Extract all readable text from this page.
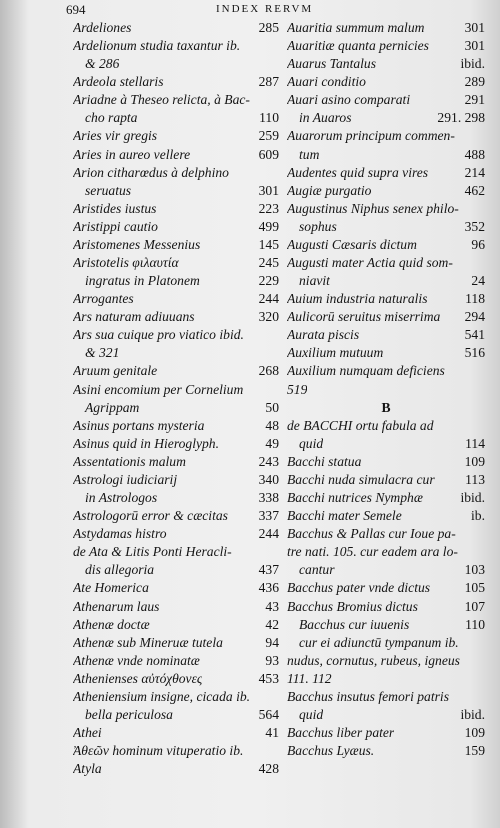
694	INDEX RERVM
Ardeliones	285
Ardelionum studia taxantur ib.
& 286
Ardeola stellaris	287
Ariadne à Theseo relicta, à Bac-
cho rapta	110
Aries vir gregis	259
Aries in aureo vellere	609
Arion citharœdus à delphino
seruatus	301
Aristides iustus	223
Aristippi cautio	499
Aristomenes Messenius	145
Aristotelis φιλαυτία	245
ingratus in Platonem	229
Arrogantes	244
Ars naturam adiuuans	320
Ars sua cuique pro viatico ibid.
& 321
Aruum genitale	268
Asini encomium per Cornelium
Agrippam	50
Asinus portans mysteria	48
Asinus quid in Hieroglyph.	49
Assentationis malum	243
Astrologi iudiciarij	340
in Astrologos	338
Astrologorū error & cæcitas 337
Astydamas histro	244
de Ata & Litis Ponti Heracli-
dis allegoria	437
Ate Homerica	436
Athenarum laus	43
Athenæ doctæ	42
Athenæ sub Mineruæ tutela	94
Athenæ vnde nominatæ	93
Athenienses αὐτόχθονες	453
Atheniensium insigne, cicada ib.
bella periculosa	564
Athei	41
Ἀθεῶν hominum vituperatio ib.
Atyla	428
Auaritia summum malum	301
Auaritiæ quanta pernicies	301
Auarus Tantalus	ibid.
Auari conditio	289
Auari asino comparati	291
in Auaros	291. 298
Auarorum principum commen-
tum	488
Audentes quid supra vires	214
Augiæ purgatio	462
Augustinus Niphus senex philo-
sophus	352
Augusti Cæsaris dictum	96
Augusti mater Actia quid som-
niavit	24
Auium industria naturalis	118
Aulicorū seruitus miserrima 294
Aurata piscis	541
Auxilium mutuum	516
Auxilium numquam deficiens
519
B
de BACCHI ortu fabula ad
quid	114
Bacchi statua	109
Bacchi nuda simulacra cur 113
Bacchi nutrices Nymphæ	ibid.
Bacchi mater Semele	ib.
Bacchus & Pallas cur Ioue pa-
tre nati. 105. cur eadem ara lo-
cantur	103
Bacchus pater vnde dictus	105
Bacchus Bromius dictus	107
Bacchus cur iuuenis	110
cur ei adiunctū tympanum ib.
nudus, cornutus, rubeus, igneus
111. 112
Bacchus insutus femori patris
quid	ibid.
Bacchus liber pater	109
Bacchus Lyæus.	159
